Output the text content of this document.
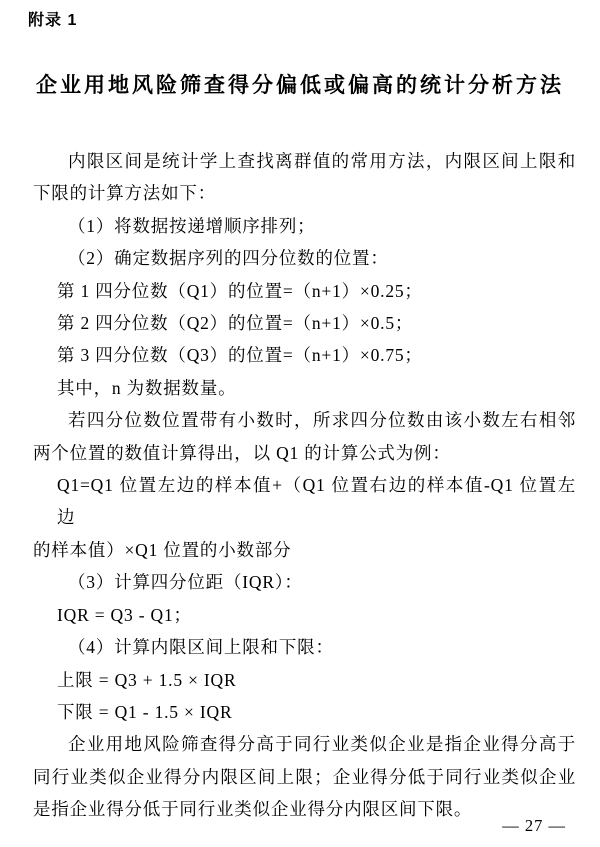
附录 1
企业用地风险筛查得分偏低或偏高的统计分析方法
内限区间是统计学上查找离群值的常用方法，内限区间上限和
下限的计算方法如下：
（1）将数据按递增顺序排列；
（2）确定数据序列的四分位数的位置：
第 1 四分位数（Q1）的位置=（n+1）×0.25；
第 2 四分位数（Q2）的位置=（n+1）×0.5；
第 3 四分位数（Q3）的位置=（n+1）×0.75；
其中，n 为数据数量。
若四分位数位置带有小数时，所求四分位数由该小数左右相邻
两个位置的数值计算得出，以 Q1 的计算公式为例：
Q1=Q1 位置左边的样本值+（Q1 位置右边的样本值-Q1 位置左边
的样本值）×Q1 位置的小数部分
（3）计算四分位距（IQR）：
IQR = Q3 - Q1；
（4）计算内限区间上限和下限：
上限 = Q3 + 1.5 × IQR
下限 = Q1 - 1.5 × IQR
企业用地风险筛查得分高于同行业类似企业是指企业得分高于
同行业类似企业得分内限区间上限；企业得分低于同行业类似企业
是指企业得分低于同行业类似企业得分内限区间下限。
— 27 —
